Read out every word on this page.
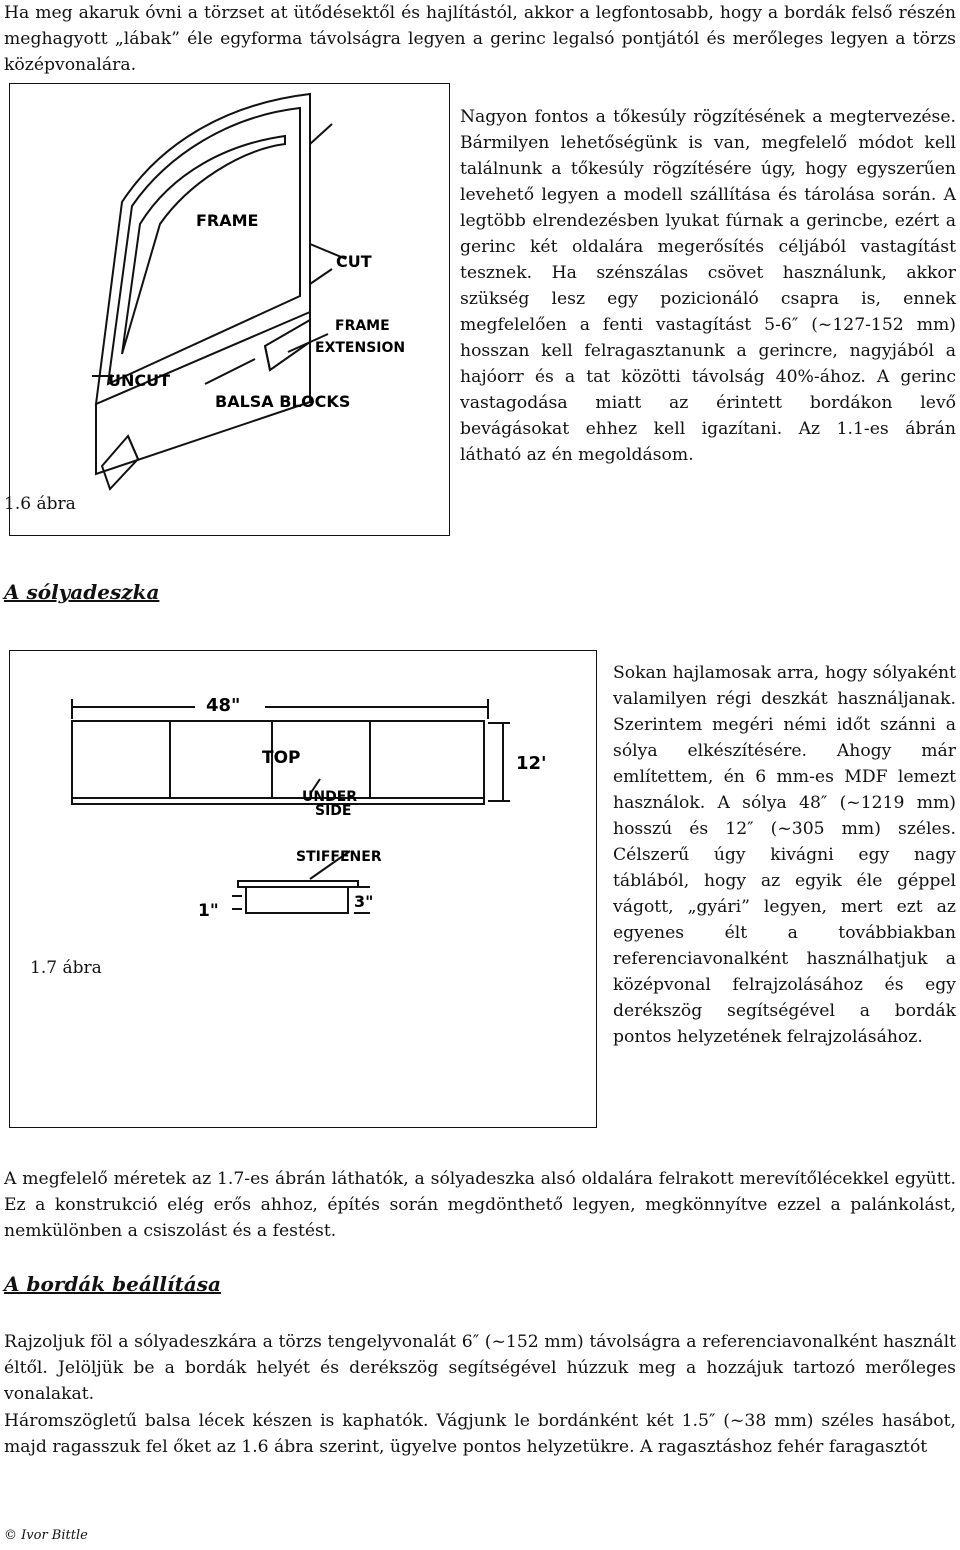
Ha meg akaruk óvni a törzset at ütődésektől és hajlítástól, akkor a legfontosabb, hogy a bordák felső részén meghagyott „lábak” éle egyforma távolságra legyen a gerinc legalsó pontjától és merőleges legyen a törzs középvonalára.

FRAME
CUT
FRAME
EXTENSION
UNCUT
BALSA BLOCKS

1.6 ábra

Nagyon fontos a tőkesúly rögzítésének a megtervezése. Bármilyen lehetőségünk is van, megfelelő módot kell találnunk a tőkesúly rögzítésére úgy, hogy egyszerűen levehető legyen a modell szállítása és tárolása során. A legtöbb elrendezésben lyukat fúrnak a gerincbe, ezért a gerinc két oldalára megerősítés céljából vastagítást tesznek. Ha szénszálas csövet használunk, akkor szükség lesz egy pozicionáló csapra is, ennek megfelelően a fenti vastagítást 5-6″ (~127-152 mm) hosszan kell felragasztanunk a gerincre, nagyjából a hajóorr és a tat közötti távolság 40%-ához. A gerinc vastagodása miatt az érintett bordákon levő bevágásokat ehhez kell igazítani. Az 1.1-es ábrán látható az én megoldásom.

A sólyadeszka
48"
12'
TOP
UNDER
SIDE
STIFFENER
1"	3"

1.7 ábra

Sokan hajlamosak arra, hogy sólyaként valamilyen régi deszkát használjanak. Szerintem megéri némi időt szánni a sólya elkészítésére. Ahogy már említettem, én 6 mm-es MDF lemezt használok. A sólya 48″ (~1219 mm) hosszú és 12″ (~305 mm) széles. Célszerű úgy kivágni egy nagy táblából, hogy az egyik éle géppel vágott, „gyári” legyen, mert ezt az egyenes élt a továbbiakban referenciavonalként használhatjuk a középvonal felrajzolásához és egy derékszög segítségével a bordák pontos helyzetének felrajzolásához.

A megfelelő méretek az 1.7-es ábrán láthatók, a sólyadeszka alsó oldalára felrakott merevítőlécekkel együtt. Ez a konstrukció elég erős ahhoz, építés során megdönthető legyen, megkönnyítve ezzel a palánkolást, nemkülönben a csiszolást és a festést.

A bordák beállítása

Rajzoljuk föl a sólyadeszkára a törzs tengelyvonalát 6″ (~152 mm) távolságra a referenciavonalként használt éltől. Jelöljük be a bordák helyét és derékszög segítségével húzzuk meg a hozzájuk tartozó merőleges vonalakat.

Háromszögletű balsa lécek készen is kaphatók. Vágjunk le bordánként két 1.5″ (~38 mm) széles hasábot, majd ragasszuk fel őket az 1.6 ábra szerint, ügyelve pontos helyzetükre. A ragasztáshoz fehér faragasztót

© Ivor Bittle
